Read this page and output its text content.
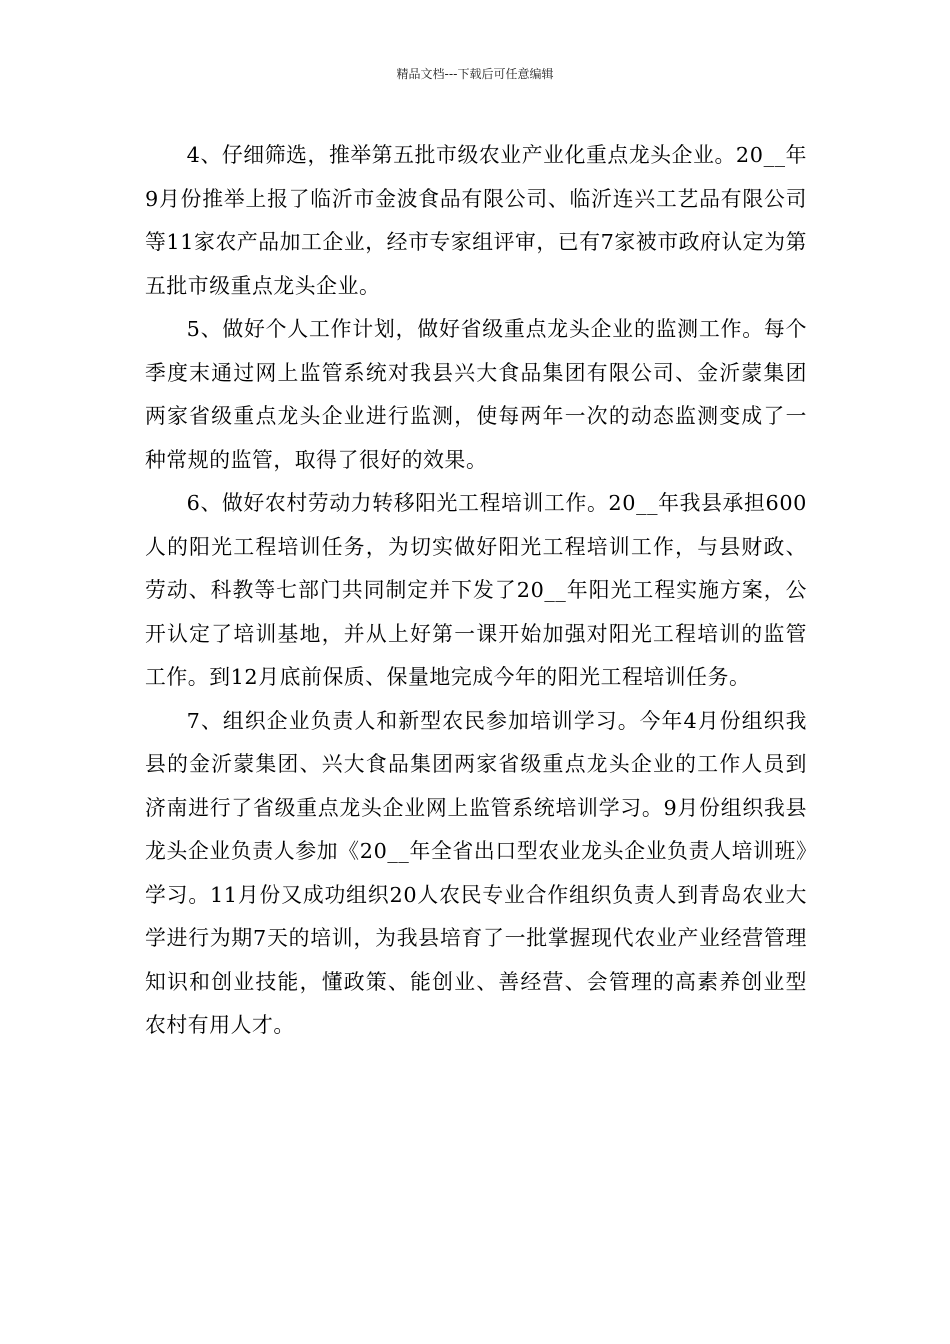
精品文档---下载后可任意编辑

4、仔细筛选，推举第五批市级农业产业化重点龙头企业。20__年9月份推举上报了临沂市金波食品有限公司、临沂连兴工艺品有限公司等11家农产品加工企业，经市专家组评审，已有7家被市政府认定为第五批市级重点龙头企业。

5、做好个人工作计划，做好省级重点龙头企业的监测工作。每个季度末通过网上监管系统对我县兴大食品集团有限公司、金沂蒙集团两家省级重点龙头企业进行监测，使每两年一次的动态监测变成了一种常规的监管，取得了很好的效果。

6、做好农村劳动力转移阳光工程培训工作。20__年我县承担600人的阳光工程培训任务，为切实做好阳光工程培训工作，与县财政、劳动、科教等七部门共同制定并下发了20__年阳光工程实施方案，公开认定了培训基地，并从上好第一课开始加强对阳光工程培训的监管工作。到12月底前保质、保量地完成今年的阳光工程培训任务。

7、组织企业负责人和新型农民参加培训学习。今年4月份组织我县的金沂蒙集团、兴大食品集团两家省级重点龙头企业的工作人员到济南进行了省级重点龙头企业网上监管系统培训学习。9月份组织我县龙头企业负责人参加《20__年全省出口型农业龙头企业负责人培训班》学习。11月份又成功组织20人农民专业合作组织负责人到青岛农业大学进行为期7天的培训，为我县培育了一批掌握现代农业产业经营管理知识和创业技能，懂政策、能创业、善经营、会管理的高素养创业型农村有用人才。
